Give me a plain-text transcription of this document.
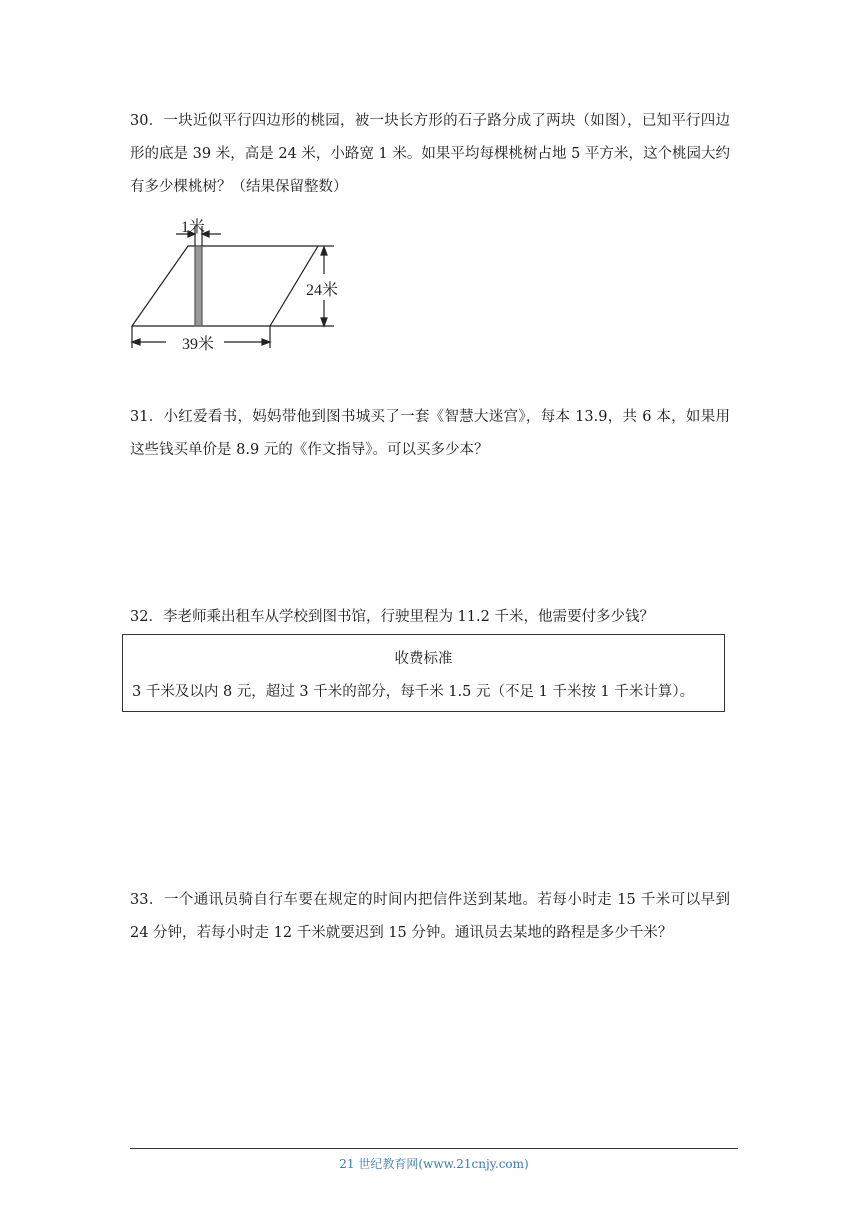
30．一块近似平行四边形的桃园，被一块长方形的石子路分成了两块（如图），已知平行四边形的底是 39 米，高是 24 米，小路宽 1 米。如果平均每棵桃树占地 5 平方米，这个桃园大约有多少棵桃树？（结果保留整数）

1米
24米
39米

31．小红爱看书，妈妈带他到图书城买了一套《智慧大迷宫》，每本 13.9，共 6 本，如果用这些钱买单价是 8.9 元的《作文指导》。可以买多少本？

32．李老师乘出租车从学校到图书馆，行驶里程为 11.2 千米，他需要付多少钱？

收费标准
3 千米及以内 8 元，超过 3 千米的部分，每千米 1.5 元（不足 1 千米按 1 千米计算）。

33．一个通讯员骑自行车要在规定的时间内把信件送到某地。若每小时走 15 千米可以早到 24 分钟，若每小时走 12 千米就要迟到 15 分钟。通讯员去某地的路程是多少千米？

21 世纪教育网(www.21cnjy.com)
